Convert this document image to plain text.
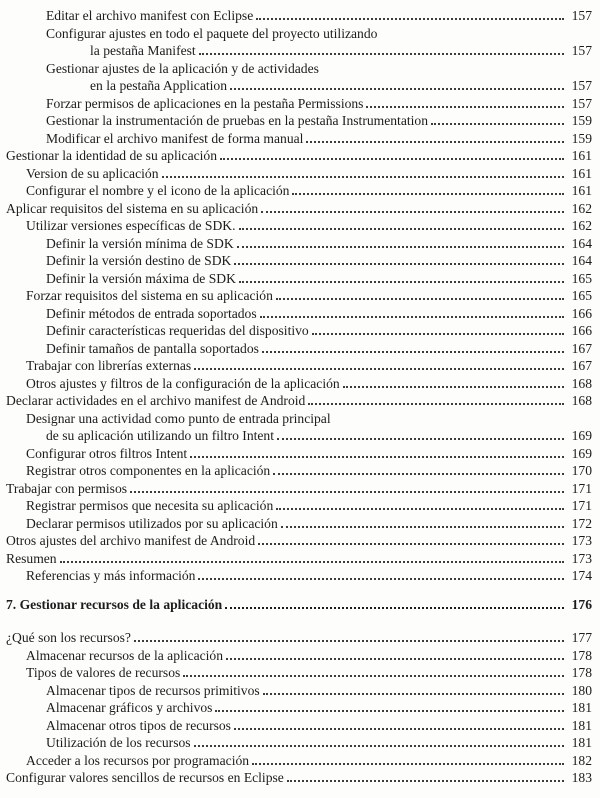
Editar el archivo manifest con Eclipse	157
Configurar ajustes en todo el paquete del proyecto utilizando
la pestaña Manifest	157
Gestionar ajustes de la aplicación y de actividades
en la pestaña Application	157
Forzar permisos de aplicaciones en la pestaña Permissions	157
Gestionar la instrumentación de pruebas en la pestaña Instrumentation	159
Modificar el archivo manifest de forma manual	159
Gestionar la identidad de su aplicación	161
Version de su aplicación	161
Configurar el nombre y el icono de la aplicación	161
Aplicar requisitos del sistema en su aplicación	162
Utilizar versiones específicas de SDK.	162
Definir la versión mínima de SDK	164
Definir la versión destino de SDK	164
Definir la versión máxima de SDK	165
Forzar requisitos del sistema en su aplicación	165
Definir métodos de entrada soportados	166
Definir características requeridas del dispositivo	166
Definir tamaños de pantalla soportados	167
Trabajar con librerías externas	167
Otros ajustes y filtros de la configuración de la aplicación	168
Declarar actividades en el archivo manifest de Android	168
Designar una actividad como punto de entrada principal
de su aplicación utilizando un filtro Intent	169
Configurar otros filtros Intent	169
Registrar otros componentes en la aplicación	170
Trabajar con permisos	171
Registrar permisos que necesita su aplicación	171
Declarar permisos utilizados por su aplicación	172
Otros ajustes del archivo manifest de Android	173
Resumen	173
Referencias y más información	174
7. Gestionar recursos de la aplicación	176
¿Qué son los recursos?	177
Almacenar recursos de la aplicación	178
Tipos de valores de recursos	178
Almacenar tipos de recursos primitivos	180
Almacenar gráficos y archivos	181
Almacenar otros tipos de recursos	181
Utilización de los recursos	181
Acceder a los recursos por programación	182
Configurar valores sencillos de recursos en Eclipse	183
